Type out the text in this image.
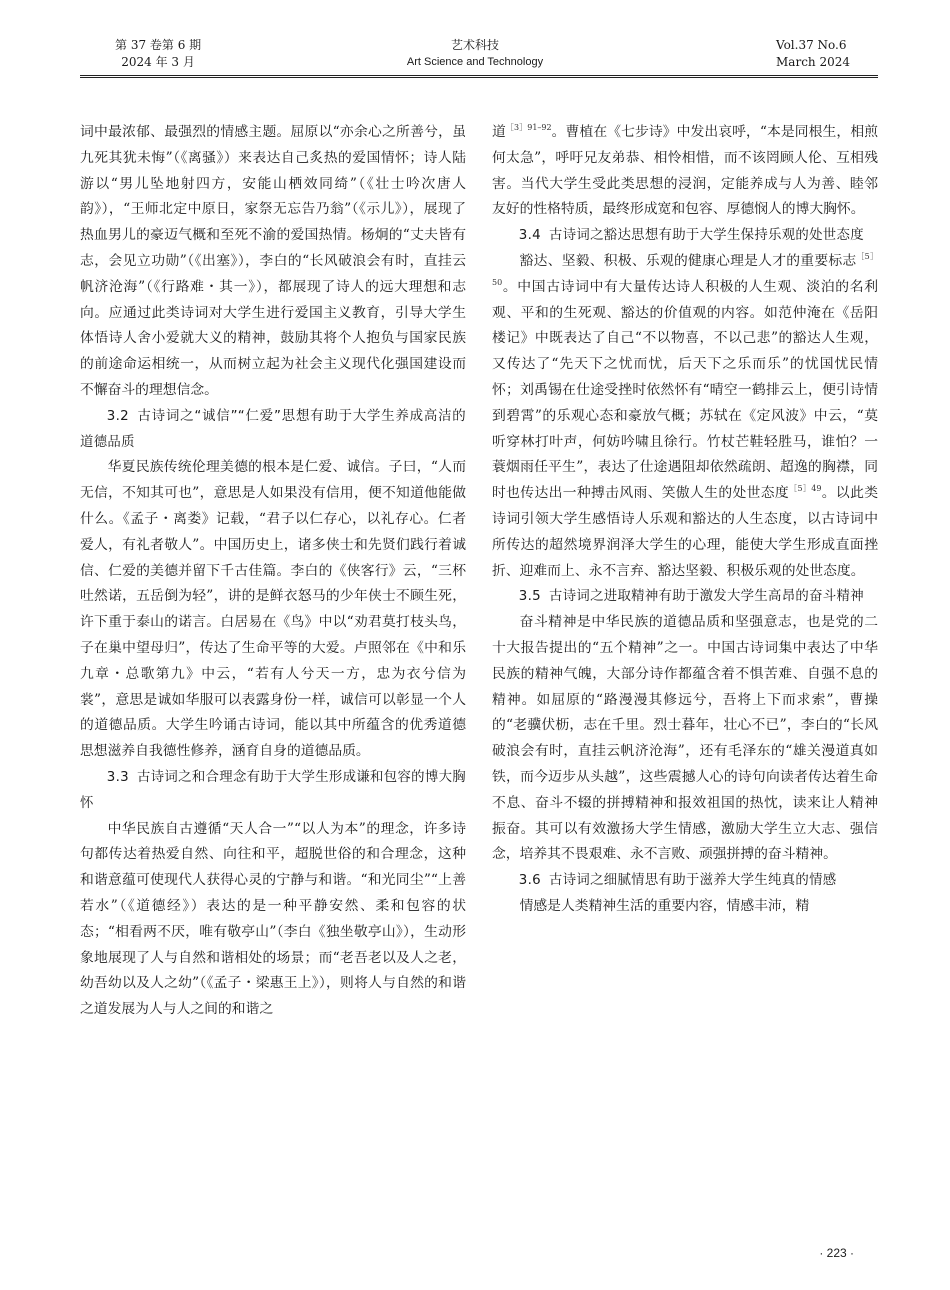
第 37 卷第 6 期
2024 年 3 月
艺术科技
Art Science and Technology
Vol.37 No.6
March 2024

词中最浓郁、最强烈的情感主题。屈原以“亦余心之所善兮，虽九死其犹未悔”（《离骚》）来表达自己炙热的爱国情怀；诗人陆游以“男儿坠地射四方，安能山栖效同绮”（《壮士吟次唐人韵》），“王师北定中原日，家祭无忘告乃翁”（《示儿》），展现了热血男儿的豪迈气概和至死不渝的爱国热情。杨炯的“丈夫皆有志，会见立功勋”（《出塞》），李白的“长风破浪会有时，直挂云帆济沧海”（《行路难・其一》），都展现了诗人的远大理想和志向。应通过此类诗词对大学生进行爱国主义教育，引导大学生体悟诗人舍小爱就大义的精神，鼓励其将个人抱负与国家民族的前途命运相统一，从而树立起为社会主义现代化强国建设而不懈奋斗的理想信念。

3.2 古诗词之“诚信”“仁爱”思想有助于大学生养成高洁的道德品质

华夏民族传统伦理美德的根本是仁爱、诚信。子曰，“人而无信，不知其可也”，意思是人如果没有信用，便不知道他能做什么。《孟子・离娄》记载，“君子以仁存心，以礼存心。仁者爱人，有礼者敬人”。中国历史上，诸多侠士和先贤们践行着诚信、仁爱的美德并留下千古佳篇。李白的《侠客行》云，“三杯吐然诺，五岳倒为轻”，讲的是鲜衣怒马的少年侠士不顾生死，许下重于泰山的诺言。白居易在《鸟》中以“劝君莫打枝头鸟，子在巢中望母归”，传达了生命平等的大爱。卢照邻在《中和乐九章・总歌第九》中云，“若有人兮天一方，忠为衣兮信为裳”，意思是诚如华服可以表露身份一样，诚信可以彰显一个人的道德品质。大学生吟诵古诗词，能以其中所蕴含的优秀道德思想滋养自我德性修养，涵育自身的道德品质。

3.3 古诗词之和合理念有助于大学生形成谦和包容的博大胸怀

中华民族自古遵循“天人合一”“以人为本”的理念，许多诗句都传达着热爱自然、向往和平，超脱世俗的和合理念，这种和谐意蕴可使现代人获得心灵的宁静与和谐。“和光同尘”“上善若水”（《道德经》）表达的是一种平静安然、柔和包容的状态；“相看两不厌，唯有敬亭山”（李白《独坐敬亭山》），生动形象地展现了人与自然和谐相处的场景；而“老吾老以及人之老，幼吾幼以及人之幼”（《孟子・梁惠王上》），则将人与自然的和谐之道发展为人与人之间的和谐之

道$^{[3]91-92}$。曹植在《七步诗》中发出哀呼，“本是同根生，相煎何太急”，呼吁兄友弟恭、相怜相惜，而不该罔顾人伦、互相残害。当代大学生受此类思想的浸润，定能养成与人为善、睦邻友好的性格特质，最终形成宽和包容、厚德悯人的博大胸怀。

3.4 古诗词之豁达思想有助于大学生保持乐观的处世态度

豁达、坚毅、积极、乐观的健康心理是人才的重要标志$^{[5]50}$。中国古诗词中有大量传达诗人积极的人生观、淡泊的名利观、平和的生死观、豁达的价值观的内容。如范仲淹在《岳阳楼记》中既表达了自己“不以物喜，不以己悲”的豁达人生观，又传达了“先天下之忧而忧，后天下之乐而乐”的忧国忧民情怀；刘禹锡在仕途受挫时依然怀有“晴空一鹤排云上，便引诗情到碧霄”的乐观心态和豪放气概；苏轼在《定风波》中云，“莫听穿林打叶声，何妨吟啸且徐行。竹杖芒鞋轻胜马，谁怕？一蓑烟雨任平生”，表达了仕途遇阻却依然疏朗、超逸的胸襟，同时也传达出一种搏击风雨、笑傲人生的处世态度$^{[5]49}$。以此类诗词引领大学生感悟诗人乐观和豁达的人生态度，以古诗词中所传达的超然境界润泽大学生的心理，能使大学生形成直面挫折、迎难而上、永不言弃、豁达坚毅、积极乐观的处世态度。

3.5 古诗词之进取精神有助于激发大学生高昂的奋斗精神

奋斗精神是中华民族的道德品质和坚强意志，也是党的二十大报告提出的“五个精神”之一。中国古诗词集中表达了中华民族的精神气魄，大部分诗作都蕴含着不惧苦难、自强不息的精神。如屈原的“路漫漫其修远兮，吾将上下而求索”，曹操的“老骥伏枥，志在千里。烈士暮年，壮心不已”，李白的“长风破浪会有时，直挂云帆济沧海”，还有毛泽东的“雄关漫道真如铁，而今迈步从头越”，这些震撼人心的诗句向读者传达着生命不息、奋斗不辍的拼搏精神和报效祖国的热忱，读来让人精神振奋。其可以有效激扬大学生情感，激励大学生立大志、强信念，培养其不畏艰难、永不言败、顽强拼搏的奋斗精神。

3.6 古诗词之细腻情思有助于滋养大学生纯真的情感

情感是人类精神生活的重要内容，情感丰沛，精

· 223 ·
